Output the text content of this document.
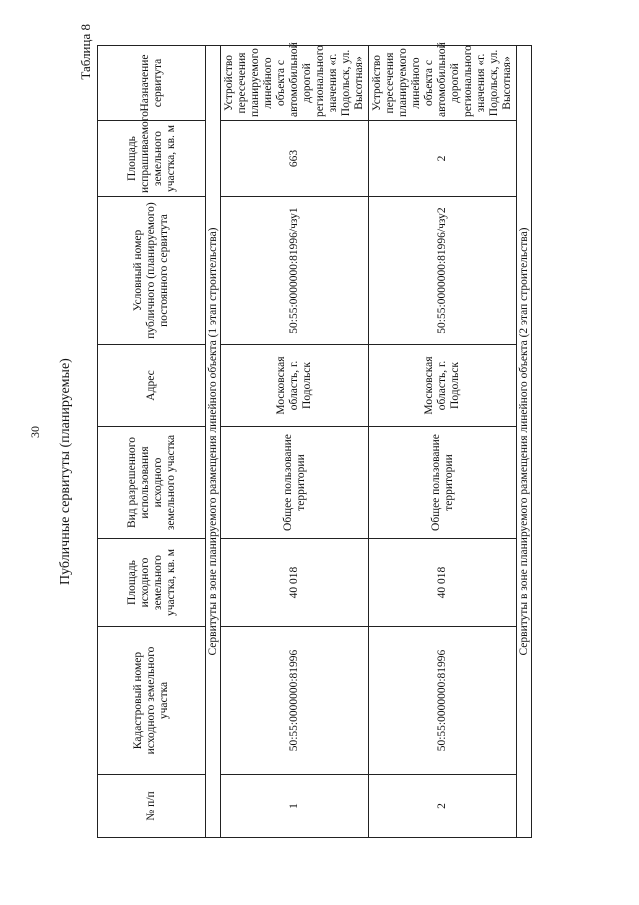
30 Публичные сервитуты (планируемые)
Таблица 8
№ п/п	Кадастровый номер исходного земельного участка	Площадь исходного земельного участка, кв. м	Вид разрешенного использования исходного земельного участка	Адрес	Условный номер публичного (планируемого) постоянного сервитута	Площадь испрашиваемого земельного участка, кв. м	Назначение сервитута
Сервитуты в зоне планируемого размещения линейного объекта (1 этап строительства)							
1	50:55:0000000:81996	40 018	Общее пользование территории	Московская область, г. Подольск	50:55:0000000:81996/чзу1	663	Устройство пересечения планируемого линейного объекта с автомобильной дорогой регионального значения «г. Подольск, ул. Высотная»
2	50:55:0000000:81996	40 018	Общее пользование территории	Московская область, г. Подольск	50:55:0000000:81996/чзу2	2	Устройство пересечения планируемого линейного объекта с автомобильной дорогой регионального значения «г. Подольск, ул. Высотная»
Сервитуты в зоне планируемого размещения линейного объекта (2 этап строительства)							
